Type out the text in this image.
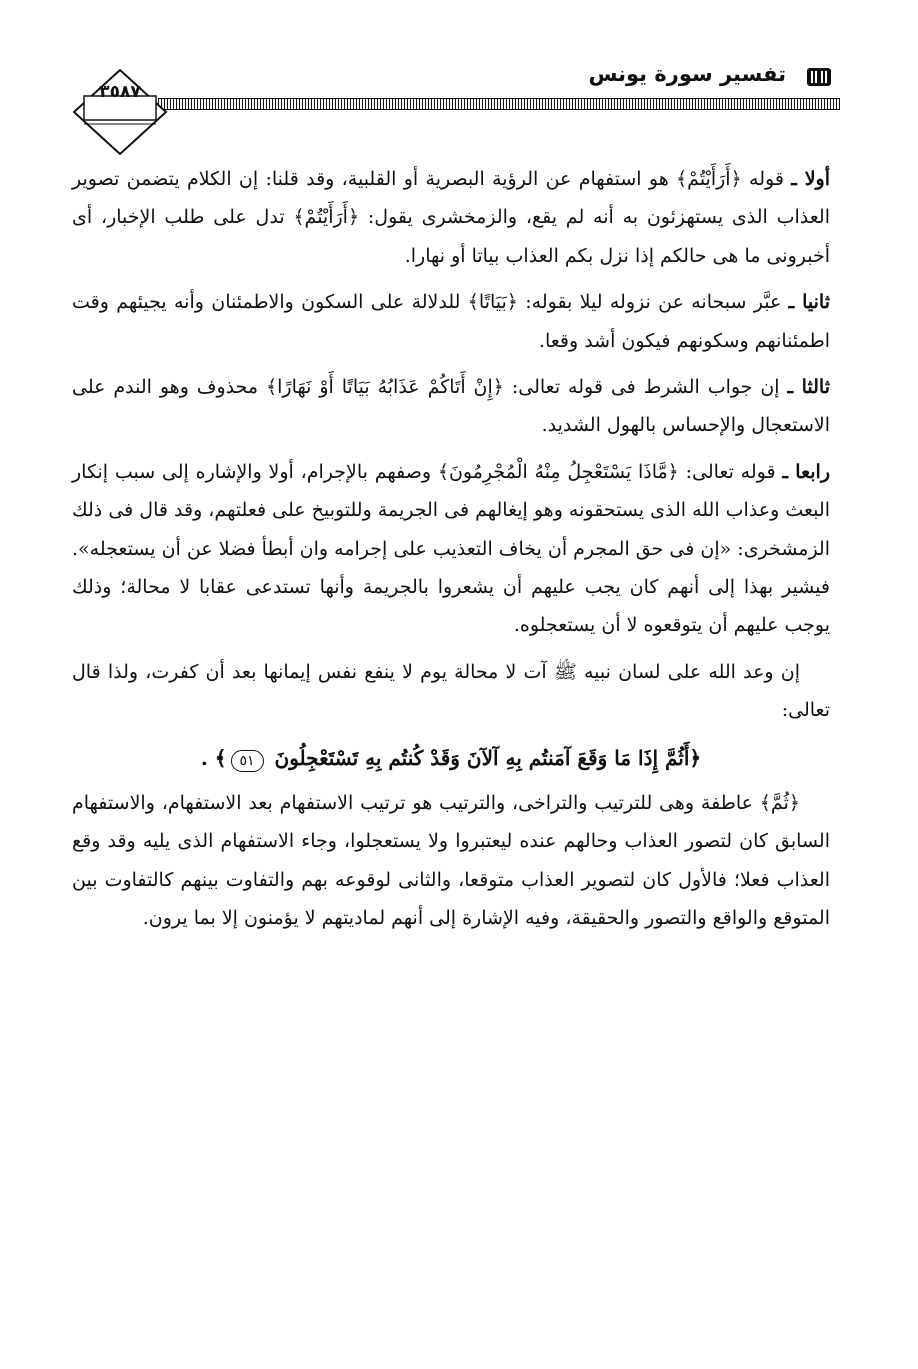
تفسير سورة يونس
٣٥٨٧

أولا ـ قوله ﴿أَرَأَيْتُمْ﴾ هو استفهام عن الرؤية البصرية أو القلبية، وقد قلنا: إن الكلام يتضمن تصوير العذاب الذى يستهزئون به أنه لم يقع، والزمخشرى يقول: ﴿أَرَأَيْتُمْ﴾ تدل على طلب الإخبار، أى أخبرونى ما هى حالكم إذا نزل بكم العذاب بياتا أو نهارا.

ثانيا ـ عبَّر سبحانه عن نزوله ليلا بقوله: ﴿بَيَاتًا﴾ للدلالة على السكون والاطمئنان وأنه يجيئهم وقت اطمئنانهم وسكونهم فيكون أشد وقعا.

ثالثا ـ إن جواب الشرط فى قوله تعالى: ﴿إِنْ أَتَاكُمْ عَذَابُهُ بَيَاتًا أَوْ نَهَارًا﴾ محذوف وهو الندم على الاستعجال والإحساس بالهول الشديد.

رابعا ـ قوله تعالى: ﴿مَّاذَا يَسْتَعْجِلُ مِنْهُ الْمُجْرِمُونَ﴾ وصفهم بالإجرام، أولا والإشاره إلى سبب إنكار البعث وعذاب الله الذى يستحقونه وهو إيغالهم فى الجريمة وللتوبيخ على فعلتهم، وقد قال فى ذلك الزمشخرى: «إن فى حق المجرم أن يخاف التعذيب على إجرامه وان أبطأ فضلا عن أن يستعجله». فيشير بهذا إلى أنهم كان يجب عليهم أن يشعروا بالجريمة وأنها تستدعى عقابا لا محالة؛ وذلك يوجب عليهم أن يتوقعوه لا أن يستعجلوه.

إن وعد الله على لسان نبيه ﷺ آت لا محالة يوم لا ينفع نفس إيمانها بعد أن كفرت، ولذا قال تعالى:

﴿أَثُمَّ إِذَا مَا وَقَعَ آمَنتُم بِهِ آلآنَ وَقَدْ كُنتُم بِهِ تَسْتَعْجِلُونَ ٥١﴾ .

﴿ثُمَّ﴾ عاطفة وهى للترتيب والتراخى، والترتيب هو ترتيب الاستفهام بعد الاستفهام، والاستفهام السابق كان لتصور العذاب وحالهم عنده ليعتبروا ولا يستعجلوا، وجاء الاستفهام الذى يليه وقد وقع العذاب فعلا؛ فالأول كان لتصوير العذاب متوقعا، والثانى لوقوعه بهم والتفاوت بينهم كالتفاوت بين المتوقع والواقع والتصور والحقيقة، وفيه الإشارة إلى أنهم لماديتهم لا يؤمنون إلا بما يرون.
